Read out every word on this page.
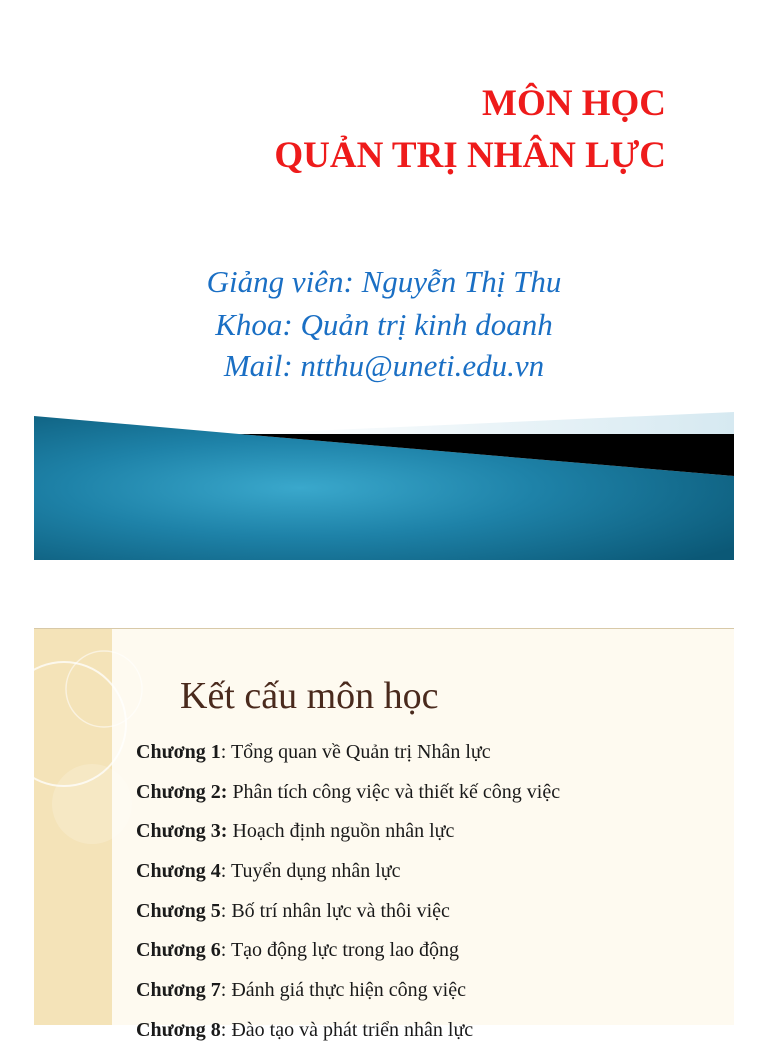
MÔN HỌC
QUẢN TRỊ NHÂN LỰC

Giảng viên: Nguyễn Thị Thu

Khoa: Quản trị kinh doanh

Mail: ntthu@uneti.edu.vn

Kết cấu môn học
Chương 1: Tổng quan về Quản trị Nhân lực
Chương 2: Phân tích công việc và thiết kế công việc
Chương 3: Hoạch định nguồn nhân lực
Chương 4: Tuyển dụng nhân lực
Chương 5: Bố trí nhân lực và thôi việc
Chương 6: Tạo động lực trong lao động
Chương 7: Đánh giá thực hiện công việc
Chương 8: Đào tạo và phát triển nhân lực
